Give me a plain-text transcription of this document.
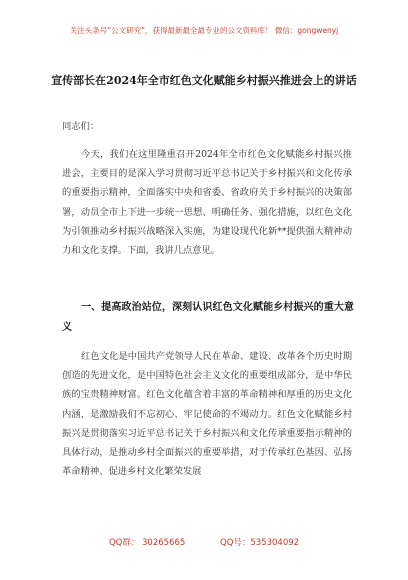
关注头条号“公文研究”，获得最新最全最专业的公文资料库！ 微信：gongwenyj
宣传部长在2024年全市红色文化赋能乡村振兴推进会上的讲话
同志们：
今天，我们在这里隆重召开2024年全市红色文化赋能乡村振兴推进会，主要目的是深入学习贯彻习近平总书记关于乡村振兴和文化传承的重要指示精神，全面落实中央和省委、省政府关于乡村振兴的决策部署，动员全市上下进一步统一思想、明确任务、强化措施，以红色文化为引领推动乡村振兴战略深入实施，为建设现代化新**提供强大精神动力和文化支撑。下面，我讲几点意见。
一、提高政治站位，深刻认识红色文化赋能乡村振兴的重大意义
红色文化是中国共产党领导人民在革命、建设、改革各个历史时期创造的先进文化，是中国特色社会主义文化的重要组成部分，是中华民族的宝贵精神财富。红色文化蕴含着丰富的革命精神和厚重的历史文化内涵，是激励我们不忘初心、牢记使命的不竭动力。红色文化赋能乡村振兴是贯彻落实习近平总书记关于乡村振兴和文化传承重要指示精神的具体行动，是推动乡村全面振兴的重要举措，对于传承红色基因、弘扬革命精神、促进乡村文化繁荣发展
QQ群： 30265665	QQ号：535304092
